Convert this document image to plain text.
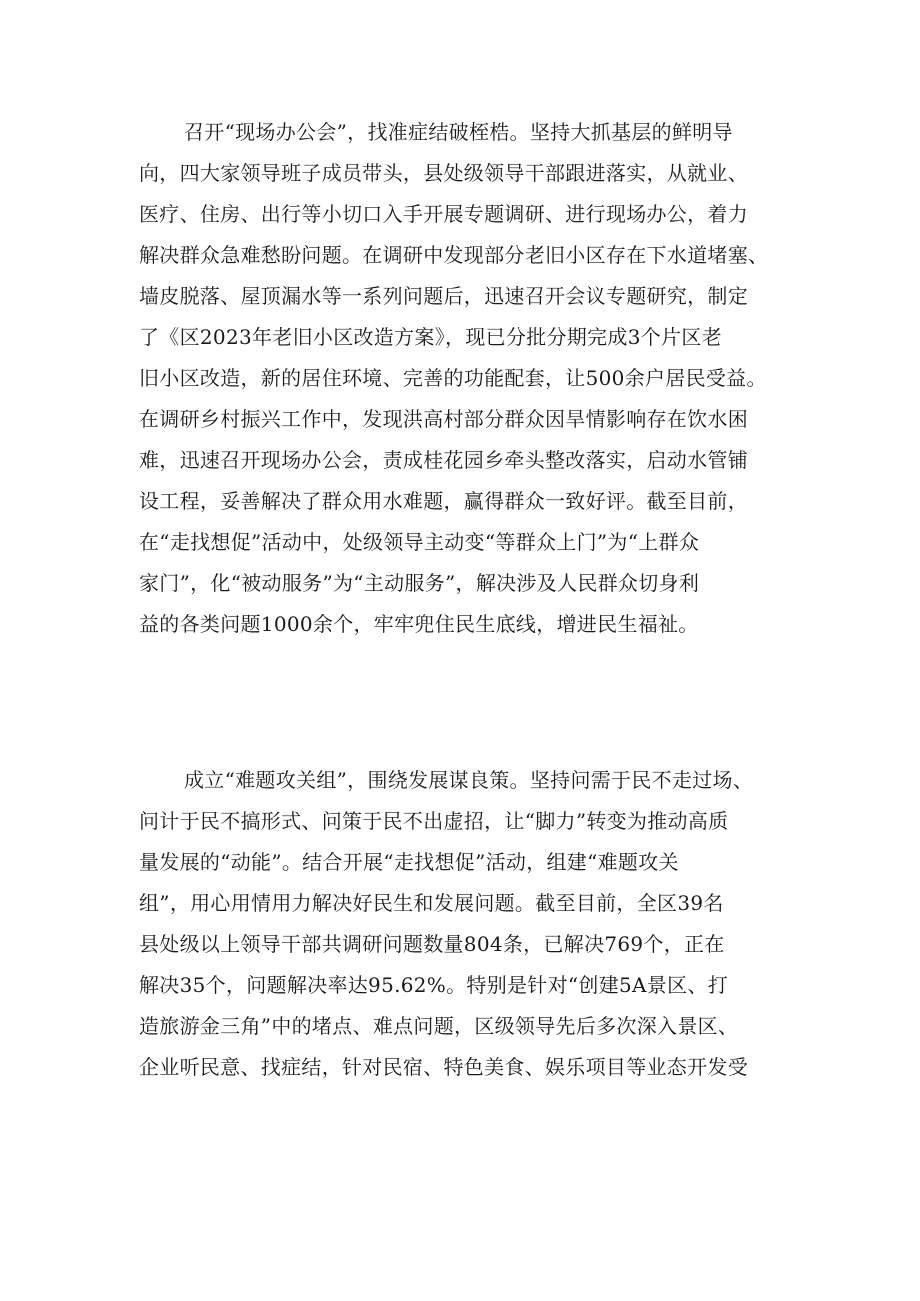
召开“现场办公会”，找准症结破桎梏。坚持大抓基层的鲜明导
向，四大家领导班子成员带头，县处级领导干部跟进落实，从就业、
医疗、住房、出行等小切口入手开展专题调研、进行现场办公，着力
解决群众急难愁盼问题。在调研中发现部分老旧小区存在下水道堵塞、
墙皮脱落、屋顶漏水等一系列问题后，迅速召开会议专题研究，制定
了《区2023年老旧小区改造方案》，现已分批分期完成3个片区老
旧小区改造，新的居住环境、完善的功能配套，让500余户居民受益。
在调研乡村振兴工作中，发现洪高村部分群众因旱情影响存在饮水困
难，迅速召开现场办公会，责成桂花园乡牵头整改落实，启动水管铺
设工程，妥善解决了群众用水难题，赢得群众一致好评。截至目前，
在“走找想促”活动中，处级领导主动变“等群众上门”为“上群众
家门”，化“被动服务”为“主动服务”，解决涉及人民群众切身利
益的各类问题1000余个，牢牢兜住民生底线，增进民生福祉。

成立“难题攻关组”，围绕发展谋良策。坚持问需于民不走过场、
问计于民不搞形式、问策于民不出虚招，让“脚力”转变为推动高质
量发展的“动能”。结合开展“走找想促”活动，组建“难题攻关
组”，用心用情用力解决好民生和发展问题。截至目前，全区39名
县处级以上领导干部共调研问题数量804条，已解决769个，正在
解决35个，问题解决率达95.62%。特别是针对“创建5A景区、打
造旅游金三角”中的堵点、难点问题，区级领导先后多次深入景区、
企业听民意、找症结，针对民宿、特色美食、娱乐项目等业态开发受
